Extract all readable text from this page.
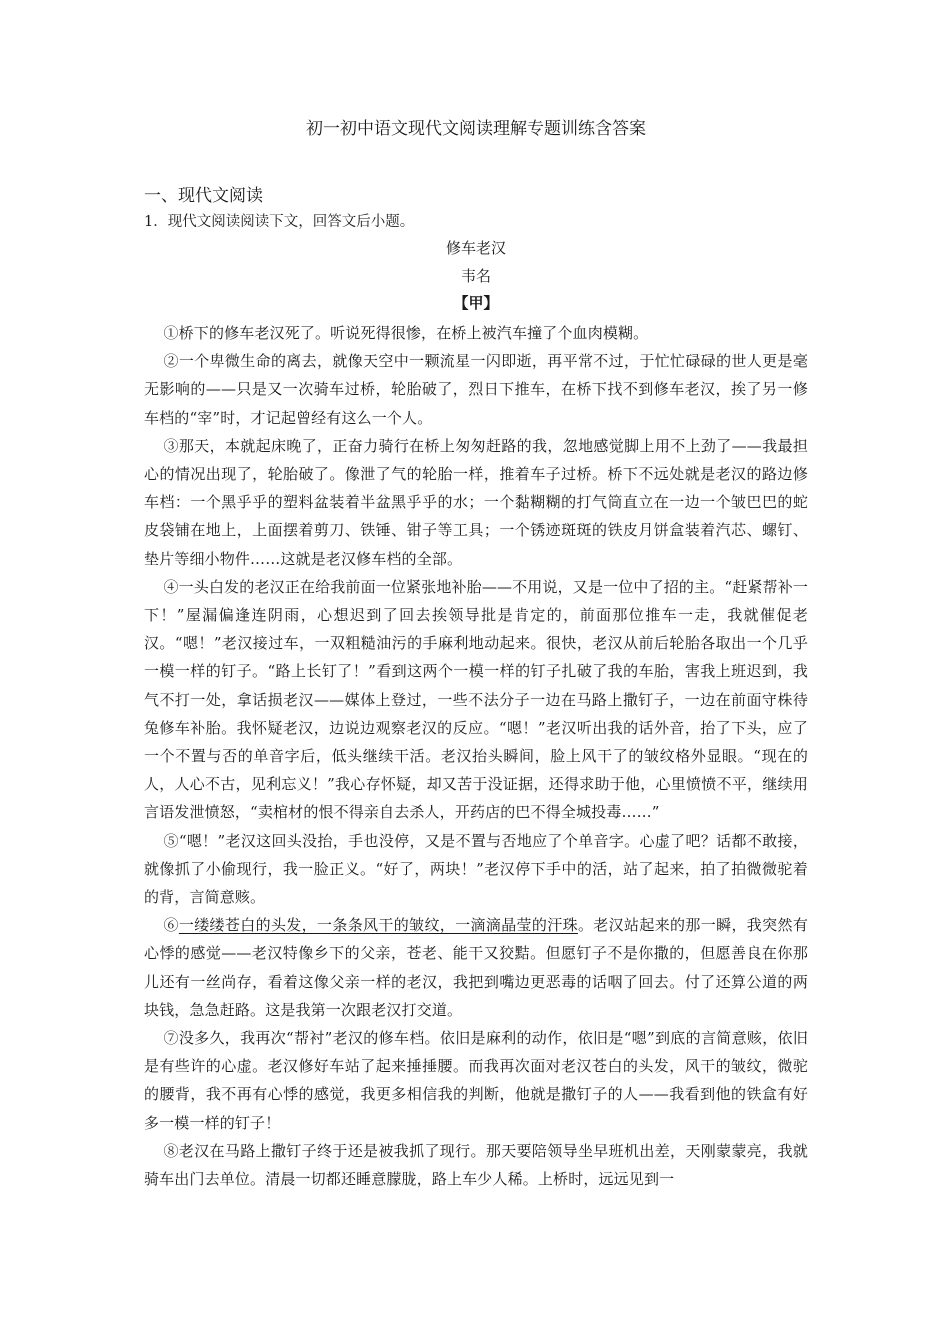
初一初中语文现代文阅读理解专题训练含答案
一、现代文阅读
1．现代文阅读阅读下文，回答文后小题。
修车老汉
韦名
【甲】

①桥下的修车老汉死了。听说死得很惨，在桥上被汽车撞了个血肉模糊。

②一个卑微生命的离去，就像天空中一颗流星一闪即逝，再平常不过，于忙忙碌碌的世人更是毫无影响的——只是又一次骑车过桥，轮胎破了，烈日下推车，在桥下找不到修车老汉，挨了另一修车档的“宰”时，才记起曾经有这么一个人。

③那天，本就起床晚了，正奋力骑行在桥上匆匆赶路的我，忽地感觉脚上用不上劲了——我最担心的情况出现了，轮胎破了。像泄了气的轮胎一样，推着车子过桥。桥下不远处就是老汉的路边修车档：一个黑乎乎的塑料盆装着半盆黑乎乎的水；一个黏糊糊的打气筒直立在一边一个皱巴巴的蛇皮袋铺在地上，上面摆着剪刀、铁锤、钳子等工具；一个锈迹斑斑的铁皮月饼盒装着汽芯、螺钉、垫片等细小物件……这就是老汉修车档的全部。

④一头白发的老汉正在给我前面一位紧张地补胎——不用说，又是一位中了招的主。“赶紧帮补一下！”屋漏偏逢连阴雨，心想迟到了回去挨领导批是肯定的，前面那位推车一走，我就催促老汉。“嗯！”老汉接过车，一双粗糙油污的手麻利地动起来。很快，老汉从前后轮胎各取出一个几乎一模一样的钉子。“路上长钉了！”看到这两个一模一样的钉子扎破了我的车胎，害我上班迟到，我气不打一处，拿话损老汉——媒体上登过，一些不法分子一边在马路上撒钉子，一边在前面守株待兔修车补胎。我怀疑老汉，边说边观察老汉的反应。“嗯！”老汉听出我的话外音，抬了下头，应了一个不置与否的单音字后，低头继续干活。老汉抬头瞬间，脸上风干了的皱纹格外显眼。“现在的人，人心不古，见利忘义！”我心存怀疑，却又苦于没证据，还得求助于他，心里愤愤不平，继续用言语发泄愤怒，“卖棺材的恨不得亲自去杀人，开药店的巴不得全城投毒……”

⑤“嗯！”老汉这回头没抬，手也没停，又是不置与否地应了个单音字。心虚了吧？话都不敢接，就像抓了小偷现行，我一脸正义。“好了，两块！”老汉停下手中的活，站了起来，拍了拍微微驼着的背，言简意赅。

⑥一缕缕苍白的头发，一条条风干的皱纹，一滴滴晶莹的汗珠。老汉站起来的那一瞬，我突然有心悸的感觉——老汉特像乡下的父亲，苍老、能干又狡黠。但愿钉子不是你撒的，但愿善良在你那儿还有一丝尚存，看着这像父亲一样的老汉，我把到嘴边更恶毒的话咽了回去。付了还算公道的两块钱，急急赶路。这是我第一次跟老汉打交道。

⑦没多久，我再次“帮衬”老汉的修车档。依旧是麻利的动作，依旧是“嗯”到底的言简意赅，依旧是有些许的心虚。老汉修好车站了起来捶捶腰。而我再次面对老汉苍白的头发，风干的皱纹，微驼的腰背，我不再有心悸的感觉，我更多相信我的判断，他就是撒钉子的人——我看到他的铁盒有好多一模一样的钉子！

⑧老汉在马路上撒钉子终于还是被我抓了现行。那天要陪领导坐早班机出差，天刚蒙蒙亮，我就骑车出门去单位。清晨一切都还睡意朦胧，路上车少人稀。上桥时，远远见到一
